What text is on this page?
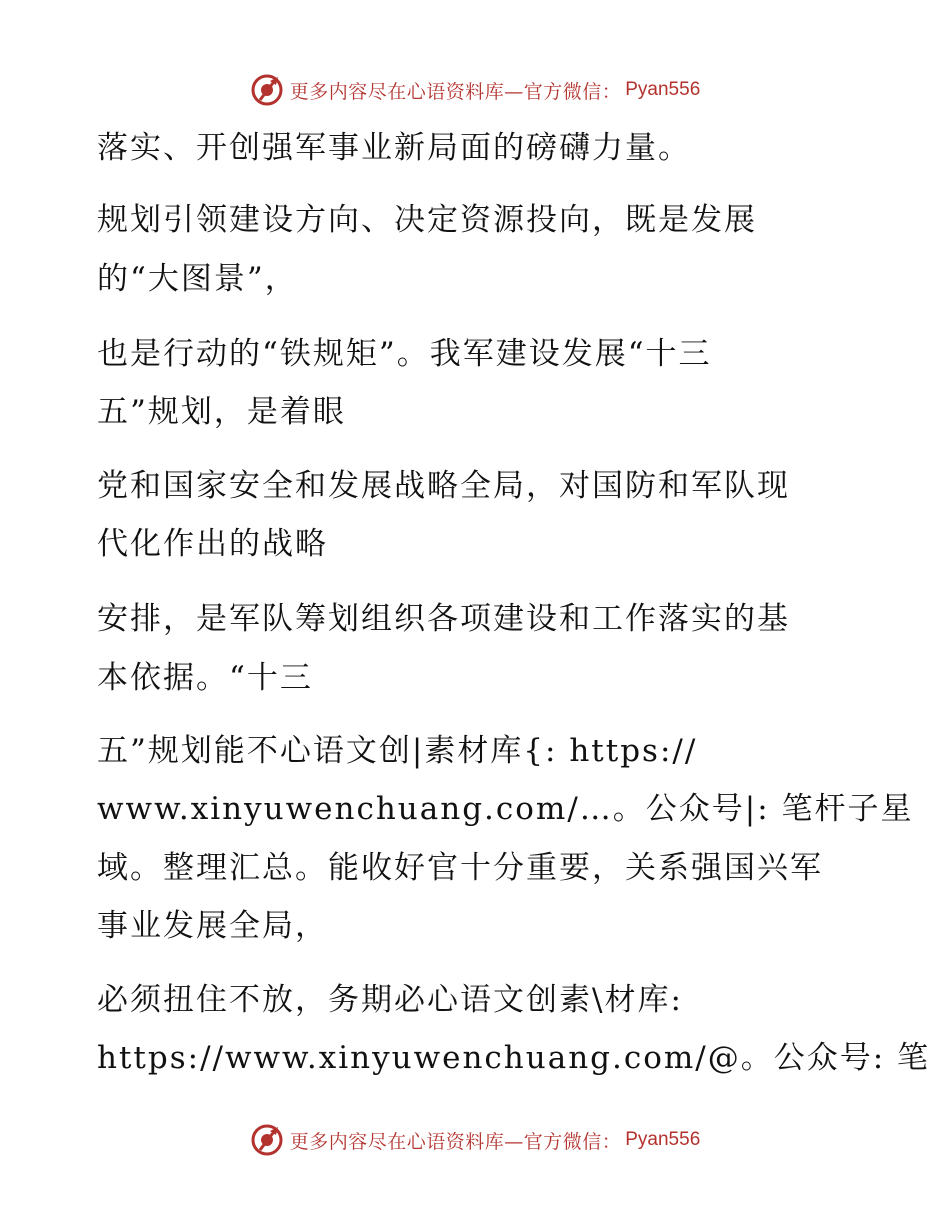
更多内容尽在心语资料库—官方微信： Pyan556
落实、开创强军事业新局面的磅礴力量。
规划引领建设方向、决定资源投向，既是发展
的“大图景”，
也是行动的“铁规矩”。我军建设发展“十三
五”规划，是着眼
党和国家安全和发展战略全局，对国防和军队现
代化作出的战略
安排，是军队筹划组织各项建设和工作落实的基
本依据。“十三
五”规划能不心语文创|素材库{: https://
www.xinyuwenchuang.com/…。公众号|: 笔杆子星
域。整理汇总。能收好官十分重要，关系强国兴军
事业发展全局，
必须扭住不放，务期必心语文创素\材库:
https://www.xinyuwenchuang.com/@。公众号: 笔
更多内容尽在心语资料库—官方微信： Pyan556
